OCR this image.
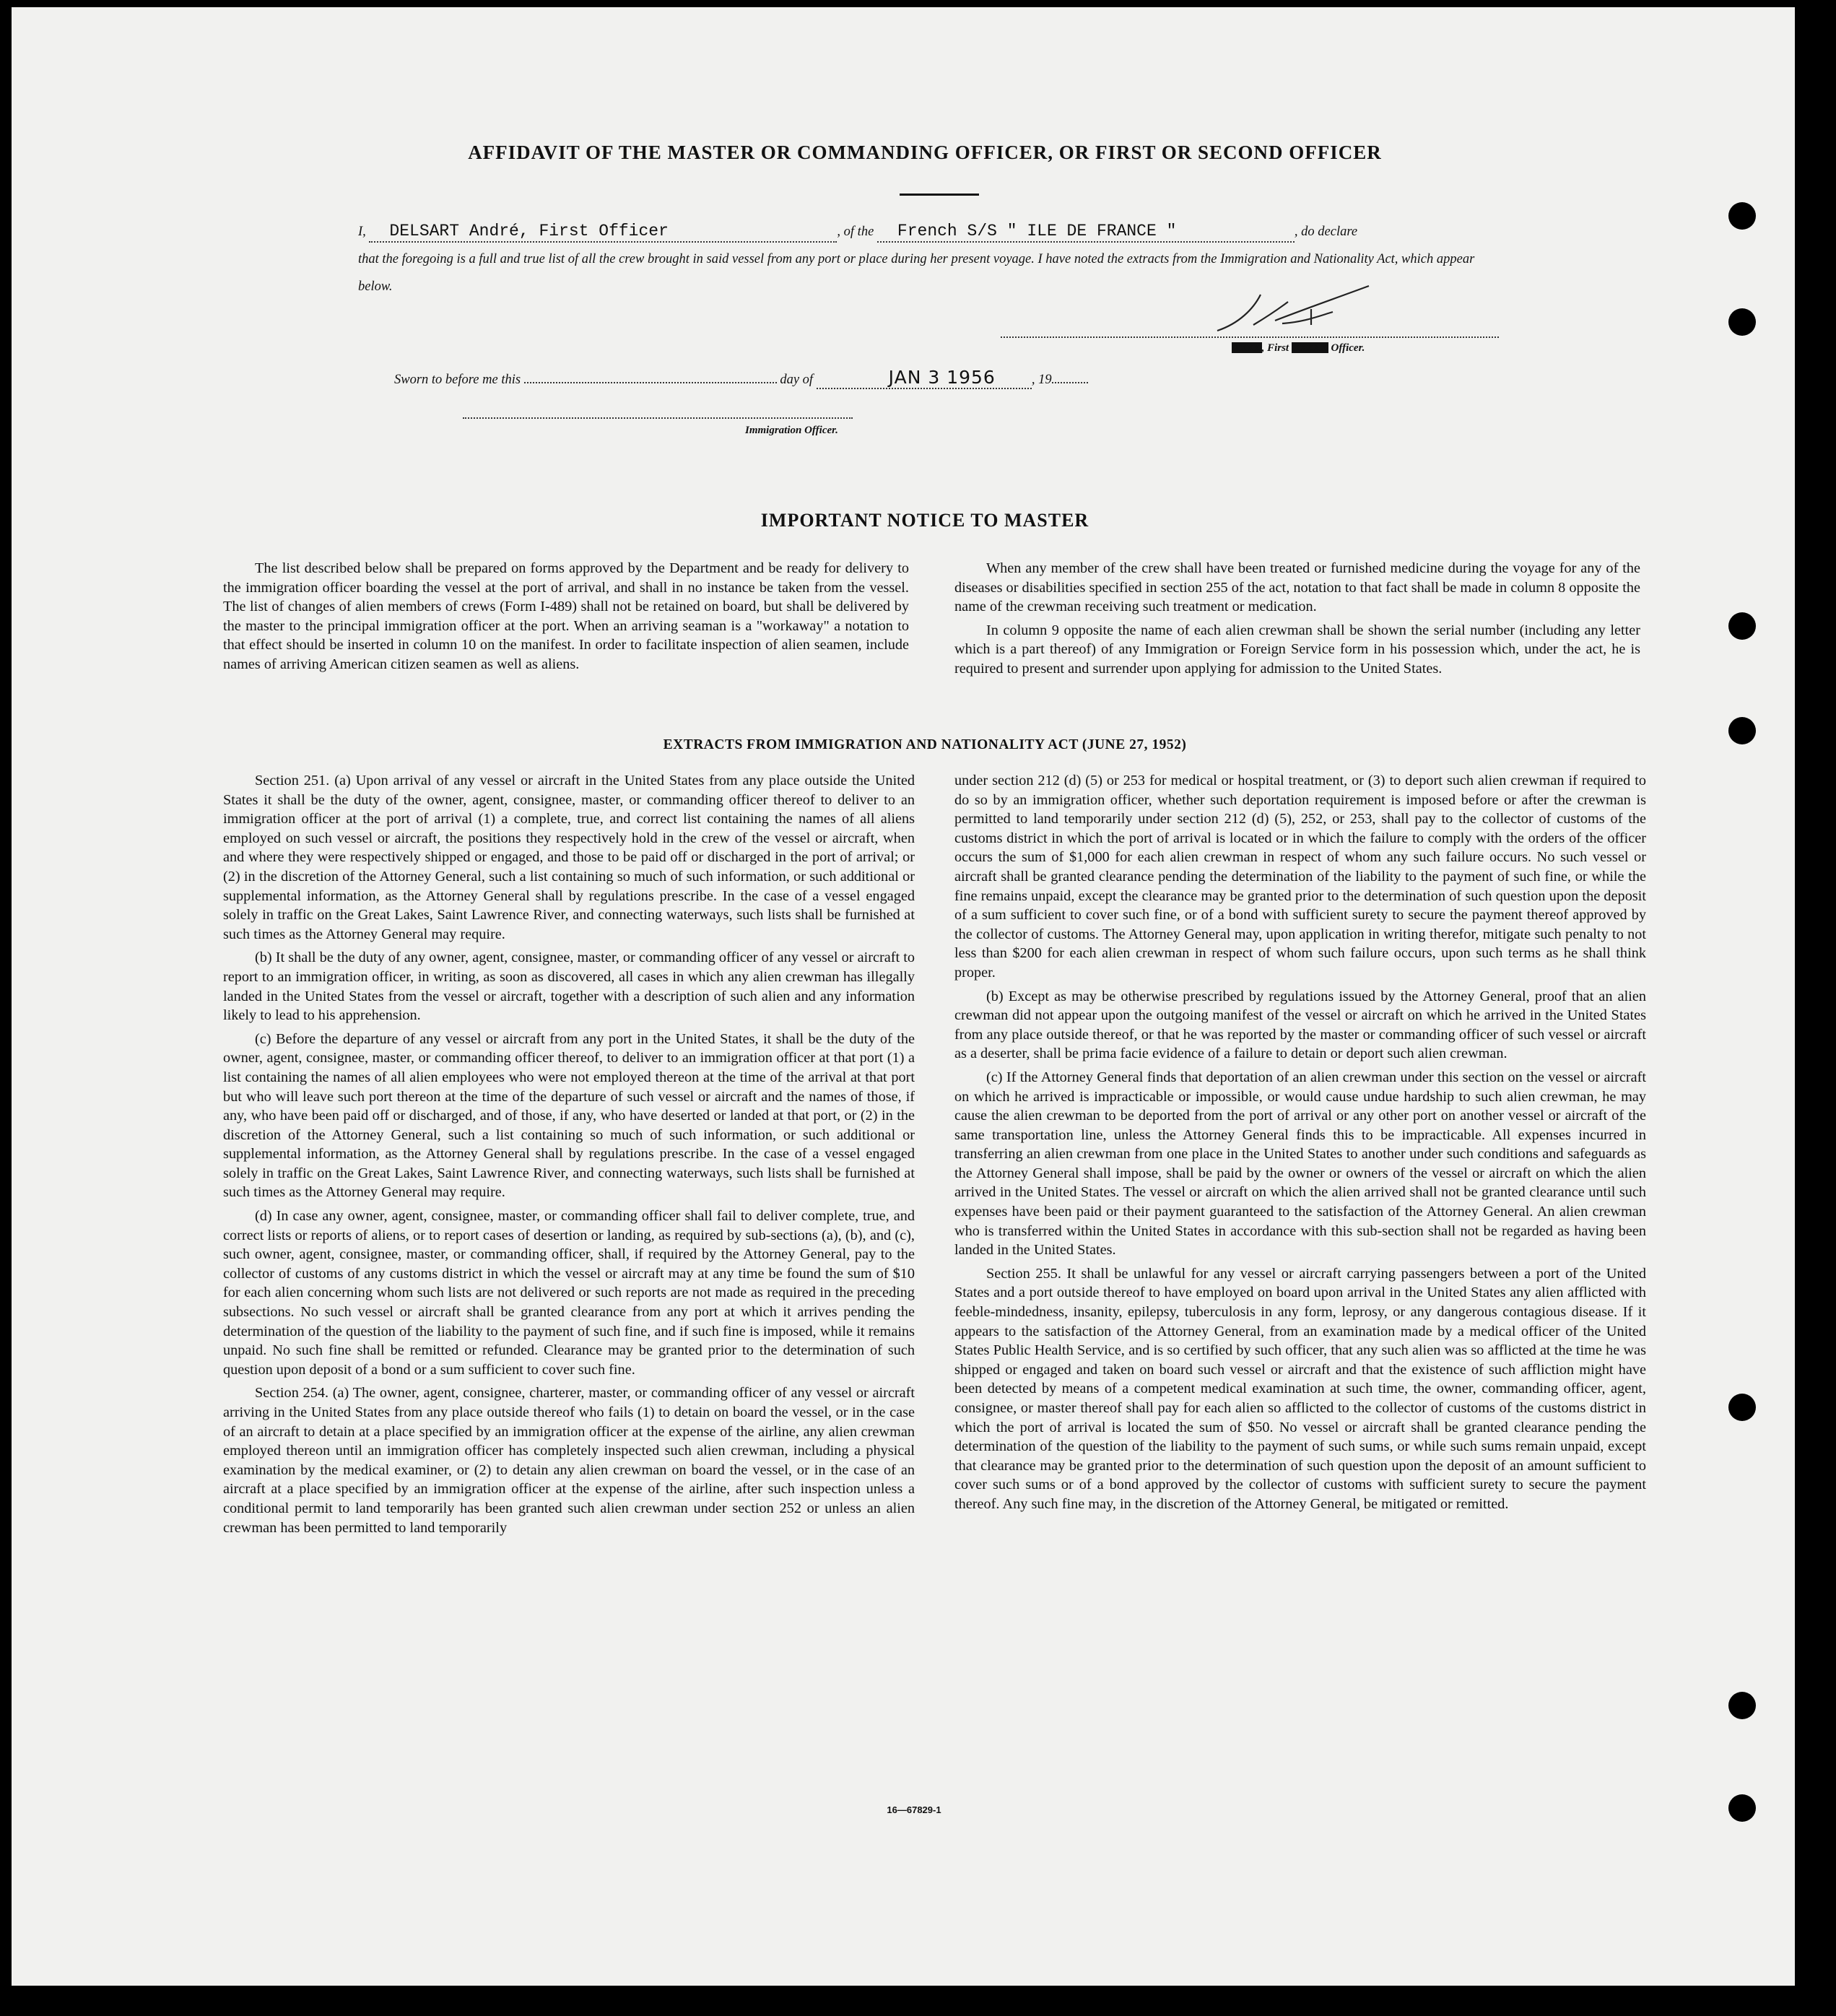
AFFIDAVIT OF THE MASTER OR COMMANDING OFFICER, OR FIRST OR SECOND OFFICER
I, DELSART André, First Officer	, of the French S/S " ILE DE FRANCE "	, do declare
that the foregoing is a full and true list of all the crew brought in said vessel from any port or place during her present voyage. I have noted the extracts from the Immigration and Nationality Act, which appear below.
XXXX , First XXXXX Officer.
Sworn to before me this	day of	JAN 3 1956	, 19
Immigration Officer.
IMPORTANT NOTICE TO MASTER

The list described below shall be prepared on forms approved by the Department and be ready for delivery to the immigration officer boarding the vessel at the port of arrival, and shall in no instance be taken from the vessel. The list of changes of alien members of crews (Form I-489) shall not be retained on board, but shall be delivered by the master to the principal immigration officer at the port. When an arriving seaman is a "workaway" a notation to that effect should be inserted in column 10 on the manifest. In order to facilitate inspection of alien seamen, include names of arriving American citizen seamen as well as aliens.

When any member of the crew shall have been treated or furnished medicine during the voyage for any of the diseases or disabilities specified in section 255 of the act, notation to that fact shall be made in column 8 opposite the name of the crewman receiving such treatment or medication.

In column 9 opposite the name of each alien crewman shall be shown the serial number (including any letter which is a part thereof) of any Immigration or Foreign Service form in his possession which, under the act, he is required to present and surrender upon applying for admission to the United States.

EXTRACTS FROM IMMIGRATION AND NATIONALITY ACT (JUNE 27, 1952)

Section 251. (a) Upon arrival of any vessel or aircraft in the United States from any place outside the United States it shall be the duty of the owner, agent, consignee, master, or commanding officer thereof to deliver to an immigration officer at the port of arrival (1) a complete, true, and correct list containing the names of all aliens employed on such vessel or aircraft, the positions they respectively hold in the crew of the vessel or aircraft, when and where they were respectively shipped or engaged, and those to be paid off or discharged in the port of arrival; or (2) in the discretion of the Attorney General, such a list containing so much of such information, or such additional or supplemental information, as the Attorney General shall by regulations prescribe. In the case of a vessel engaged solely in traffic on the Great Lakes, Saint Lawrence River, and connecting waterways, such lists shall be furnished at such times as the Attorney General may require.

(b) It shall be the duty of any owner, agent, consignee, master, or commanding officer of any vessel or aircraft to report to an immigration officer, in writing, as soon as discovered, all cases in which any alien crewman has illegally landed in the United States from the vessel or aircraft, together with a description of such alien and any information likely to lead to his apprehension.

(c) Before the departure of any vessel or aircraft from any port in the United States, it shall be the duty of the owner, agent, consignee, master, or commanding officer thereof, to deliver to an immigration officer at that port (1) a list containing the names of all alien employees who were not employed thereon at the time of the arrival at that port but who will leave such port thereon at the time of the departure of such vessel or aircraft and the names of those, if any, who have been paid off or discharged, and of those, if any, who have deserted or landed at that port, or (2) in the discretion of the Attorney General, such a list containing so much of such information, or such additional or supplemental information, as the Attorney General shall by regulations prescribe. In the case of a vessel engaged solely in traffic on the Great Lakes, Saint Lawrence River, and connecting waterways, such lists shall be furnished at such times as the Attorney General may require.

(d) In case any owner, agent, consignee, master, or commanding officer shall fail to deliver complete, true, and correct lists or reports of aliens, or to report cases of desertion or landing, as required by sub-sections (a), (b), and (c), such owner, agent, consignee, master, or commanding officer, shall, if required by the Attorney General, pay to the collector of customs of any customs district in which the vessel or aircraft may at any time be found the sum of $10 for each alien concerning whom such lists are not delivered or such reports are not made as required in the preceding subsections. No such vessel or aircraft shall be granted clearance from any port at which it arrives pending the determination of the question of the liability to the payment of such fine, and if such fine is imposed, while it remains unpaid. No such fine shall be remitted or refunded. Clearance may be granted prior to the determination of such question upon deposit of a bond or a sum sufficient to cover such fine.

Section 254. (a) The owner, agent, consignee, charterer, master, or commanding officer of any vessel or aircraft arriving in the United States from any place outside thereof who fails (1) to detain on board the vessel, or in the case of an aircraft to detain at a place specified by an immigration officer at the expense of the airline, any alien crewman employed thereon until an immigration officer has completely inspected such alien crewman, including a physical examination by the medical examiner, or (2) to detain any alien crewman on board the vessel, or in the case of an aircraft at a place specified by an immigration officer at the expense of the airline, after such inspection unless a conditional permit to land temporarily has been granted such alien crewman under section 252 or unless an alien crewman has been permitted to land temporarily

under section 212 (d) (5) or 253 for medical or hospital treatment, or (3) to deport such alien crewman if required to do so by an immigration officer, whether such deportation requirement is imposed before or after the crewman is permitted to land temporarily under section 212 (d) (5), 252, or 253, shall pay to the collector of customs of the customs district in which the port of arrival is located or in which the failure to comply with the orders of the officer occurs the sum of $1,000 for each alien crewman in respect of whom any such failure occurs. No such vessel or aircraft shall be granted clearance pending the determination of the liability to the payment of such fine, or while the fine remains unpaid, except the clearance may be granted prior to the determination of such question upon the deposit of a sum sufficient to cover such fine, or of a bond with sufficient surety to secure the payment thereof approved by the collector of customs. The Attorney General may, upon application in writing therefor, mitigate such penalty to not less than $200 for each alien crewman in respect of whom such failure occurs, upon such terms as he shall think proper.

(b) Except as may be otherwise prescribed by regulations issued by the Attorney General, proof that an alien crewman did not appear upon the outgoing manifest of the vessel or aircraft on which he arrived in the United States from any place outside thereof, or that he was reported by the master or commanding officer of such vessel or aircraft as a deserter, shall be prima facie evidence of a failure to detain or deport such alien crewman.

(c) If the Attorney General finds that deportation of an alien crewman under this section on the vessel or aircraft on which he arrived is impracticable or impossible, or would cause undue hardship to such alien crewman, he may cause the alien crewman to be deported from the port of arrival or any other port on another vessel or aircraft of the same transportation line, unless the Attorney General finds this to be impracticable. All expenses incurred in transferring an alien crewman from one place in the United States to another under such conditions and safeguards as the Attorney General shall impose, shall be paid by the owner or owners of the vessel or aircraft on which the alien arrived in the United States. The vessel or aircraft on which the alien arrived shall not be granted clearance until such expenses have been paid or their payment guaranteed to the satisfaction of the Attorney General. An alien crewman who is transferred within the United States in accordance with this sub-section shall not be regarded as having been landed in the United States.

Section 255. It shall be unlawful for any vessel or aircraft carrying passengers between a port of the United States and a port outside thereof to have employed on board upon arrival in the United States any alien afflicted with feeble-mindedness, insanity, epilepsy, tuberculosis in any form, leprosy, or any dangerous contagious disease. If it appears to the satisfaction of the Attorney General, from an examination made by a medical officer of the United States Public Health Service, and is so certified by such officer, that any such alien was so afflicted at the time he was shipped or engaged and taken on board such vessel or aircraft and that the existence of such affliction might have been detected by means of a competent medical examination at such time, the owner, commanding officer, agent, consignee, or master thereof shall pay for each alien so afflicted to the collector of customs of the customs district in which the port of arrival is located the sum of $50. No vessel or aircraft shall be granted clearance pending the determination of the question of the liability to the payment of such sums, or while such sums remain unpaid, except that clearance may be granted prior to the determination of such question upon the deposit of an amount sufficient to cover such sums or of a bond approved by the collector of customs with sufficient surety to secure the payment thereof. Any such fine may, in the discretion of the Attorney General, be mitigated or remitted.

16—67829-1
